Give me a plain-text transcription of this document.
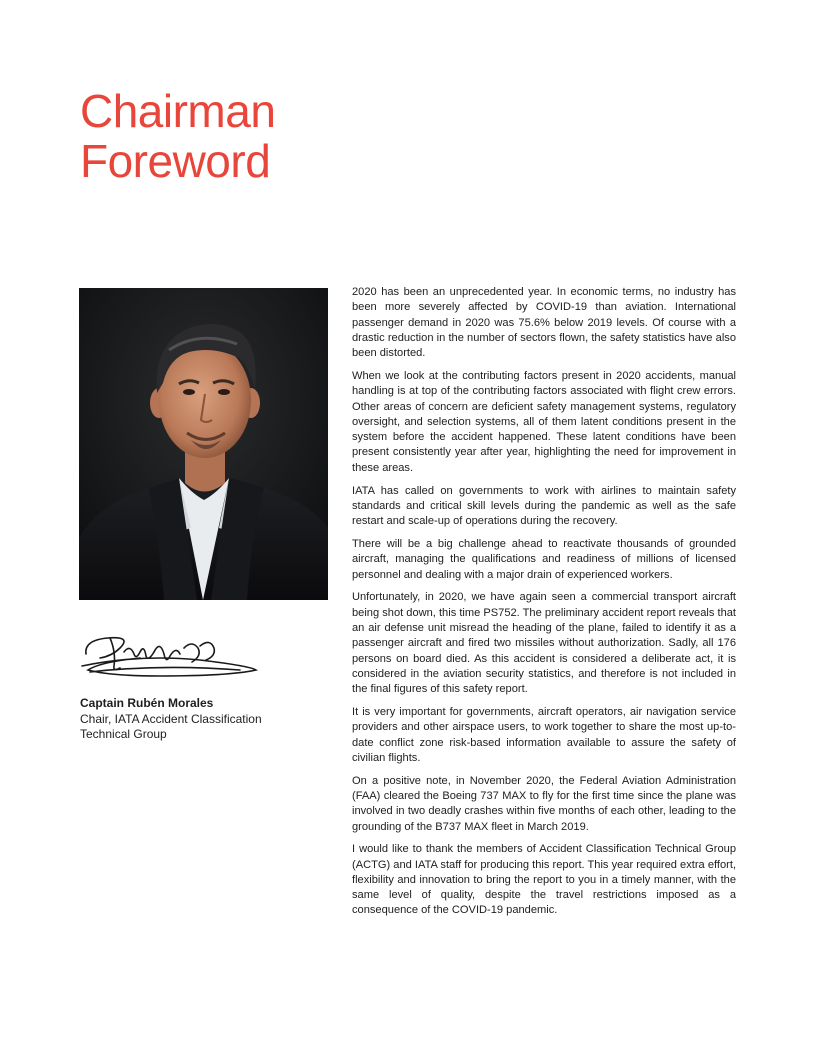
Chairman
Foreword
Captain Rubén Morales
Chair, IATA Accident Classification Technical Group

2020 has been an unprecedented year. In economic terms, no industry has been more severely affected by COVID-19 than aviation. International passenger demand in 2020 was 75.6% below 2019 levels. Of course with a drastic reduction in the number of sectors flown, the safety statistics have also been distorted.

When we look at the contributing factors present in 2020 accidents, manual handling is at top of the contributing factors associated with flight crew errors. Other areas of concern are deficient safety management systems, regulatory oversight, and selection systems, all of them latent conditions present in the system before the accident happened. These latent conditions have been present consistently year after year, highlighting the need for improvement in these areas.

IATA has called on governments to work with airlines to maintain safety standards and critical skill levels during the pandemic as well as the safe restart and scale-up of operations during the recovery.

There will be a big challenge ahead to reactivate thousands of grounded aircraft, managing the qualifications and readiness of millions of licensed personnel and dealing with a major drain of experienced workers.

Unfortunately, in 2020, we have again seen a commercial transport aircraft being shot down, this time PS752. The preliminary accident report reveals that an air defense unit misread the heading of the plane, failed to identify it as a passenger aircraft and fired two missiles without authorization. Sadly, all 176 persons on board died. As this accident is considered a deliberate act, it is considered in the aviation security statistics, and therefore is not included in the final figures of this safety report.

It is very important for governments, aircraft operators, air navigation service providers and other airspace users, to work together to share the most up-to-date conflict zone risk-based information available to assure the safety of civilian flights.

On a positive note, in November 2020, the Federal Aviation Administration (FAA) cleared the Boeing 737 MAX to fly for the first time since the plane was involved in two deadly crashes within five months of each other, leading to the grounding of the B737 MAX fleet in March 2019.

I would like to thank the members of Accident Classification Technical Group (ACTG) and IATA staff for producing this report. This year required extra effort, flexibility and innovation to bring the report to you in a timely manner, with the same level of quality, despite the travel restrictions imposed as a consequence of the COVID-19 pandemic.
